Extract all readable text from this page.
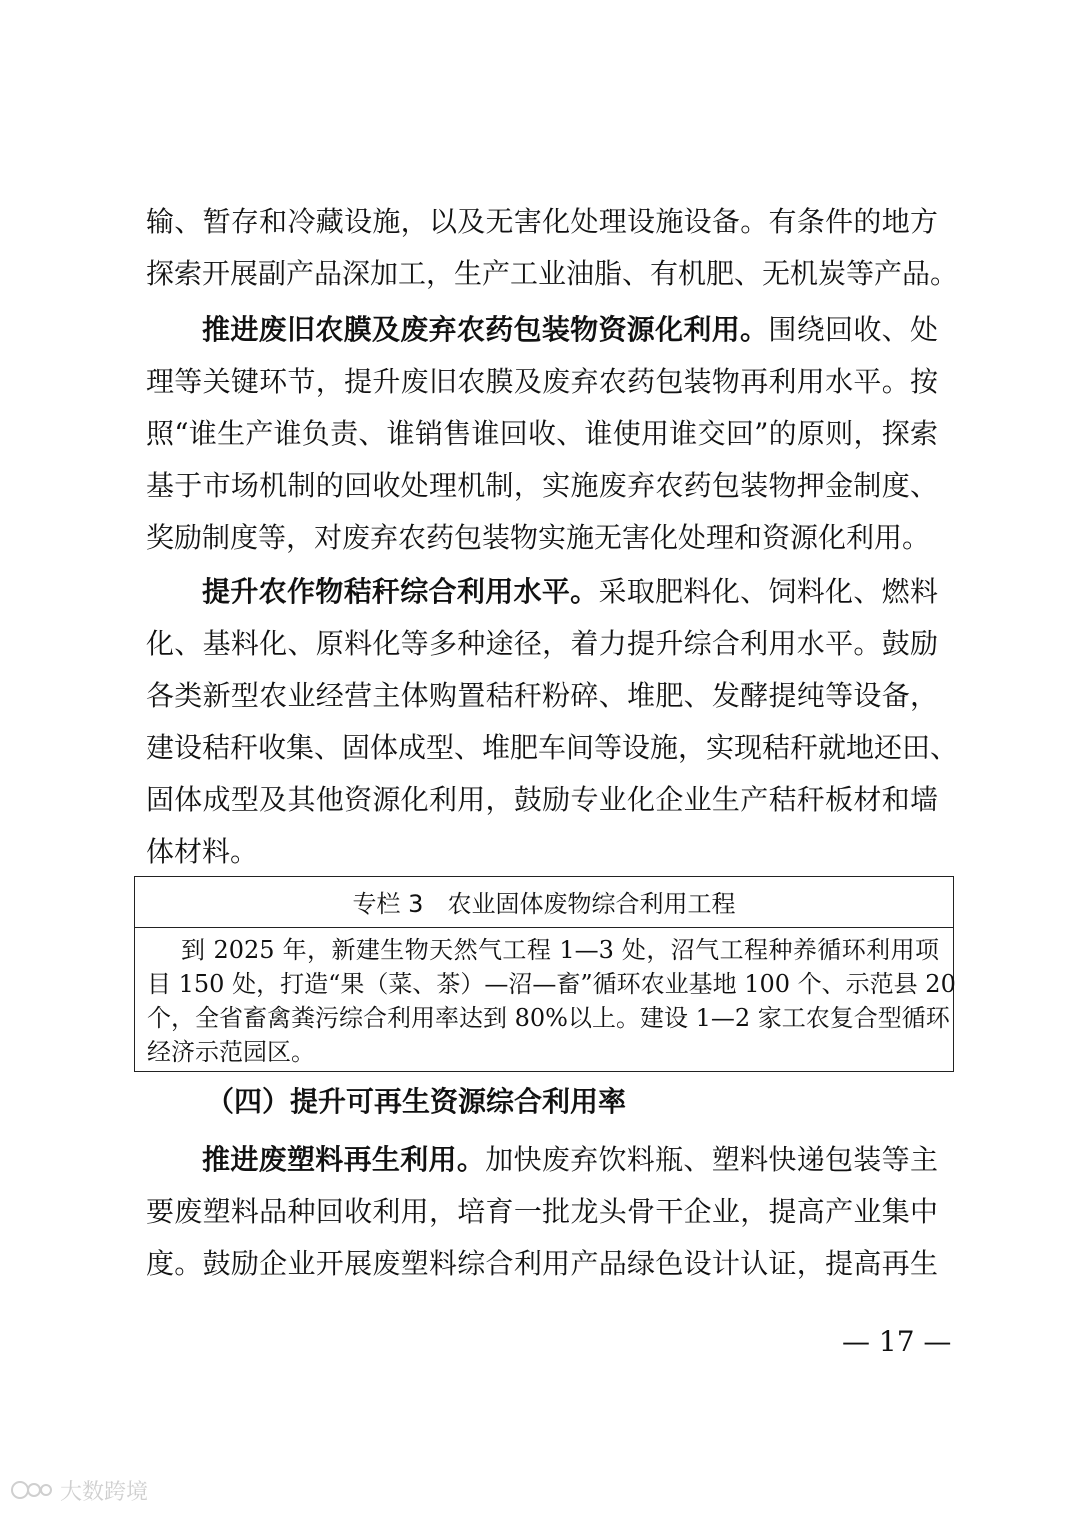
输、暂存和冷藏设施，以及无害化处理设施设备。有条件的地方
探索开展副产品深加工，生产工业油脂、有机肥、无机炭等产品。
推进废旧农膜及废弃农药包装物资源化利用。围绕回收、处
理等关键环节，提升废旧农膜及废弃农药包装物再利用水平。按
照“谁生产谁负责、谁销售谁回收、谁使用谁交回”的原则，探索
基于市场机制的回收处理机制，实施废弃农药包装物押金制度、
奖励制度等，对废弃农药包装物实施无害化处理和资源化利用。
提升农作物秸秆综合利用水平。采取肥料化、饲料化、燃料
化、基料化、原料化等多种途径，着力提升综合利用水平。鼓励
各类新型农业经营主体购置秸秆粉碎、堆肥、发酵提纯等设备，
建设秸秆收集、固体成型、堆肥车间等设施，实现秸秆就地还田、
固体成型及其他资源化利用，鼓励专业化企业生产秸秆板材和墙
体材料。
专栏 3　农业固体废物综合利用工程
到 2025 年，新建生物天然气工程 1—3 处，沼气工程种养循环利用项
目 150 处，打造“果（菜、茶）—沼—畜”循环农业基地 100 个、示范县 20
个，全省畜禽粪污综合利用率达到 80%以上。建设 1—2 家工农复合型循环
经济示范园区。
（四）提升可再生资源综合利用率
推进废塑料再生利用。加快废弃饮料瓶、塑料快递包装等主
要废塑料品种回收利用，培育一批龙头骨干企业，提高产业集中
度。鼓励企业开展废塑料综合利用产品绿色设计认证，提高再生
— 17 —
大数跨境
